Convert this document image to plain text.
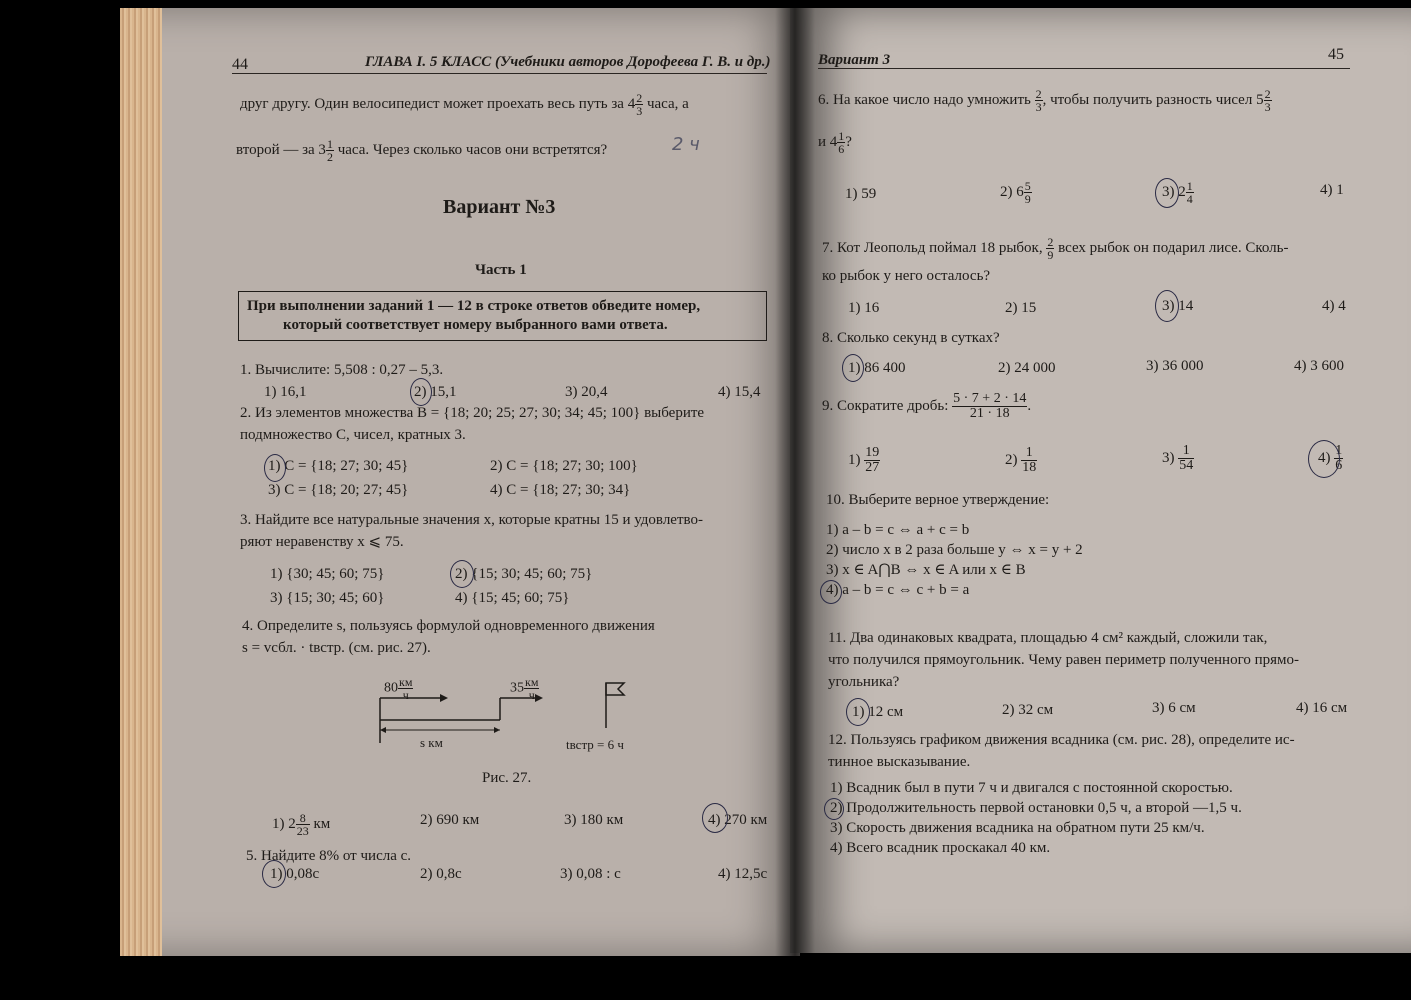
44	ГЛАВА I. 5 КЛАСС (Учебники авторов Дорофеева Г. В. и др.)
друг другу. Один велосипедист может проехать весь путь за $4 \frac{2}{3}$ часа, а
второй — за $3 \frac{1}{2}$ часа. Через сколько часов они встретятся?	2 ч
Вариант №3
Часть 1
При выполнении заданий 1 — 12 в строке ответов обведите номер,
который соответствует номеру выбранного вами ответа.
1. Вычислите: 5,508 : 0,27 – 5,3.
1) 16,1	2) 15,1	3) 20,4	4) 15,4
2. Из элементов множества B = {18; 20; 25; 27; 30; 34; 45; 100} выберите
подмножество C, чисел, кратных 3.
1) C = {18; 27; 30; 45}	2) C = {18; 27; 30; 100}
3) C = {18; 20; 27; 45}	4) C = {18; 27; 30; 34}
3. Найдите все натуральные значения x, которые кратны 15 и удовлетво-
ряют неравенству x ⩽ 75.
1) {30; 45; 60; 75}	2) {15; 30; 45; 60; 75}
3) {15; 30; 45; 60}	4) {15; 45; 60; 75}
4. Определите s, пользуясь формулой одновременного движения
s = vсбл. · tвстр. (см. рис. 27).
$80 \frac{км}{ч}$	$35 \frac{км}{ч}$
s км	tвстр = 6 ч
Рис. 27.
1) $2 \frac{8}{23}$ км	2) 690 км	3) 180 км	4) 270 км
5. Найдите 8% от числа c.
1) 0,08c	2) 0,8c	3) 0,08 : c	4) 12,5c
Вариант 3	45
6. На какое число надо умножить $\frac{2}{3}$ , чтобы получить разность чисел $5 \frac{2}{3}$
и $4 \frac{1}{6}$ ?
1) 59	2) $6 \frac{5}{9}$	3) $2 \frac{1}{4}$	4) 1
7. Кот Леопольд поймал 18 рыбок, $\frac{2}{9}$ всех рыбок он подарил лисе. Сколь-
ко рыбок у него осталось?
1) 16	2) 15	3) 14	4) 4
8. Сколько секунд в сутках?
1) 86 400	2) 24 000	3) 36 000	4) 3 600
9. Сократите дробь: $\frac{5 \cdot 7 + 2 \cdot 14}{21 \cdot 18}$ .
$1) \frac{19}{27}$	$2) \frac{1}{18}$	$3) \frac{1}{54}$	$4) \frac{1}{6}$
10. Выберите верное утверждение:
1) a – b = c ⇔ a + c = b
2) число x в 2 раза больше y ⇔ x = y + 2
3) x ∈ A⋂B ⇔ x ∈ A или x ∈ B
4) a – b = c ⇔ c + b = a
11. Два одинаковых квадрата, площадью 4 см² каждый, сложили так,
что получился прямоугольник. Чему равен периметр полученного прямо-
угольника?
1) 12 см	2) 32 см	3) 6 см	4) 16 см
12. Пользуясь графиком движения всадника (см. рис. 28), определите ис-
тинное высказывание.
1) Всадник был в пути 7 ч и двигался с постоянной скоростью.
2) Продолжительность первой остановки 0,5 ч, а второй —1,5 ч.
3) Скорость движения всадника на обратном пути 25 км/ч.
4) Всего всадник проскакал 40 км.
